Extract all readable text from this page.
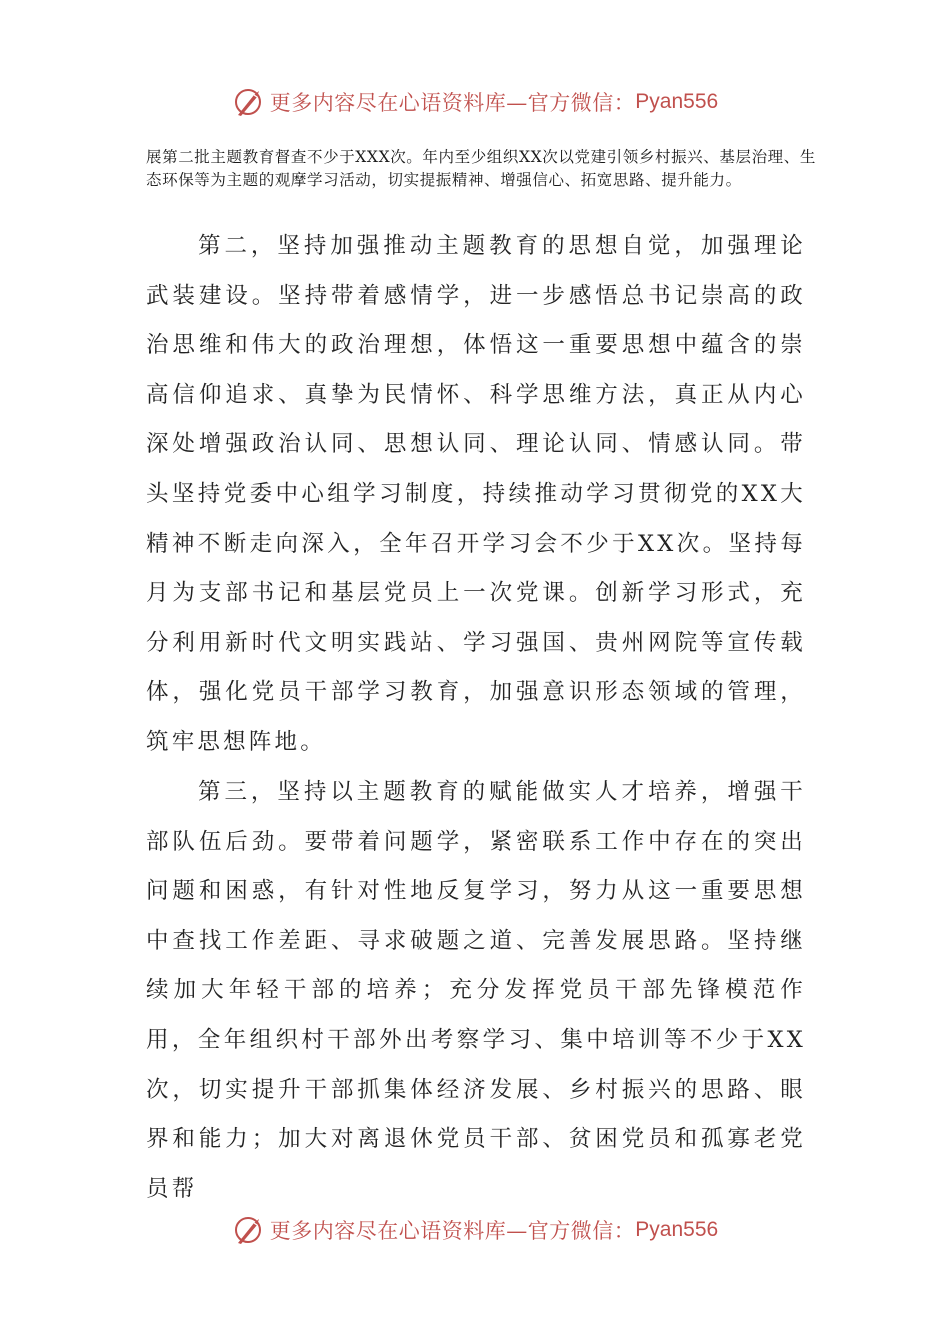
更多内容尽在心语资料库—官方微信： Pyan556

展第二批主题教育督查不少于XXX次。年内至少组织XX次以党建引领乡村振兴、基层治理、生态环保等为主题的观摩学习活动，切实提振精神、增强信心、拓宽思路、提升能力。

第二，坚持加强推动主题教育的思想自觉，加强理论武装建设。坚持带着感情学，进一步感悟总书记崇高的政治思维和伟大的政治理想，体悟这一重要思想中蕴含的崇高信仰追求、真挚为民情怀、科学思维方法，真正从内心深处增强政治认同、思想认同、理论认同、情感认同。带头坚持党委中心组学习制度，持续推动学习贯彻党的XX大精神不断走向深入，全年召开学习会不少于XX次。坚持每月为支部书记和基层党员上一次党课。创新学习形式，充分利用新时代文明实践站、学习强国、贵州网院等宣传载体，强化党员干部学习教育，加强意识形态领域的管理，筑牢思想阵地。

第三，坚持以主题教育的赋能做实人才培养，增强干部队伍后劲。要带着问题学，紧密联系工作中存在的突出问题和困惑，有针对性地反复学习，努力从这一重要思想中查找工作差距、寻求破题之道、完善发展思路。坚持继续加大年轻干部的培养；充分发挥党员干部先锋模范作用，全年组织村干部外出考察学习、集中培训等不少于XX次，切实提升干部抓集体经济发展、乡村振兴的思路、眼界和能力；加大对离退休党员干部、贫困党员和孤寡老党员帮

更多内容尽在心语资料库—官方微信： Pyan556
